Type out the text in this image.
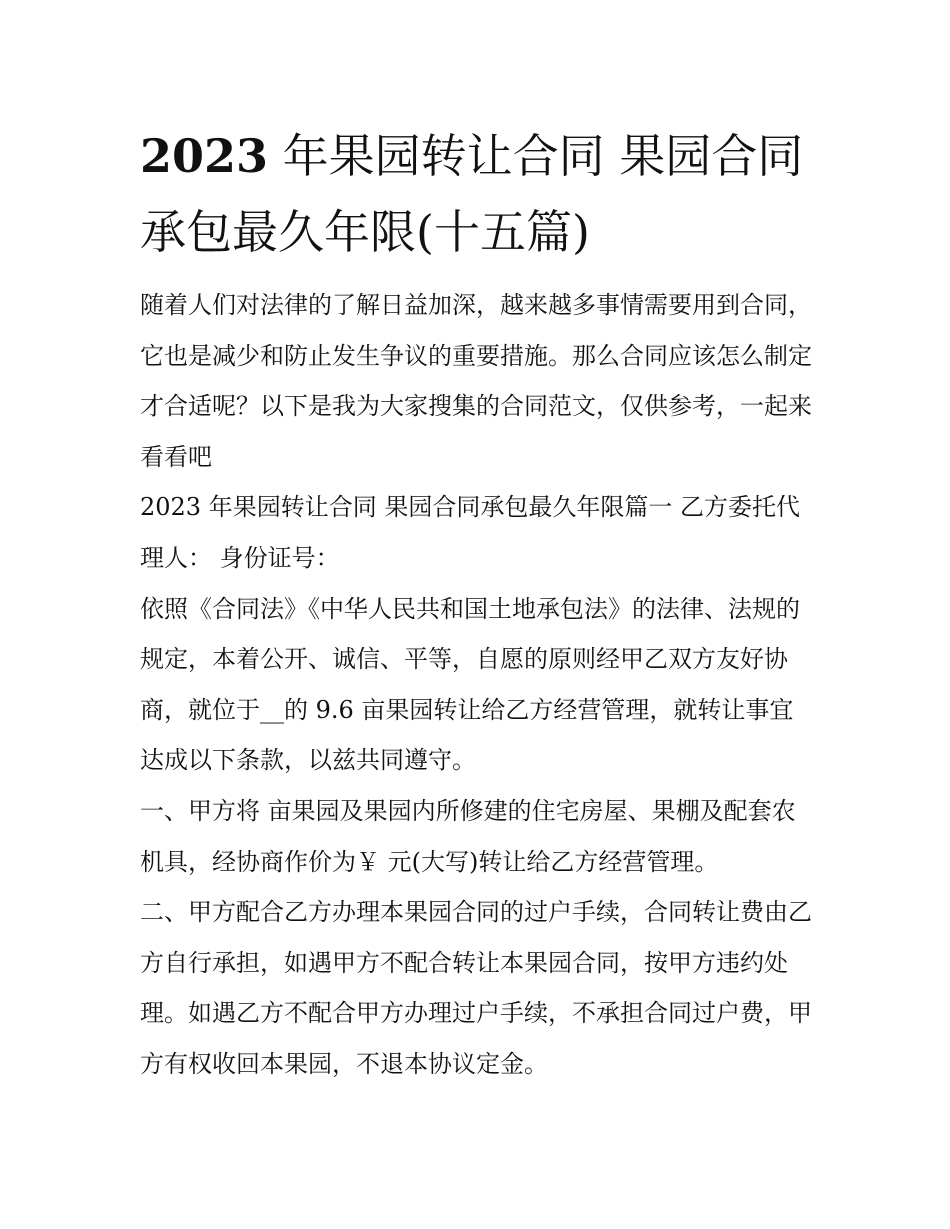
2023 年果园转让合同 果园合同承包最久年限(十五篇)

随着人们对法律的了解日益加深，越来越多事情需要用到合同，它也是减少和防止发生争议的重要措施。那么合同应该怎么制定才合适呢？以下是我为大家搜集的合同范文，仅供参考，一起来看看吧

2023 年果园转让合同 果园合同承包最久年限篇一 乙方委托代理人： 身份证号：

依照《合同法》《中华人民共和国土地承包法》的法律、法规的规定，本着公开、诚信、平等，自愿的原则经甲乙双方友好协商，就位于__的 9.6 亩果园转让给乙方经营管理，就转让事宜达成以下条款，以兹共同遵守。

一、甲方将 亩果园及果园内所修建的住宅房屋、果棚及配套农机具，经协商作价为￥ 元(大写)转让给乙方经营管理。

二、甲方配合乙方办理本果园合同的过户手续，合同转让费由乙方自行承担，如遇甲方不配合转让本果园合同，按甲方违约处理。如遇乙方不配合甲方办理过户手续，不承担合同过户费，甲方有权收回本果园，不退本协议定金。
